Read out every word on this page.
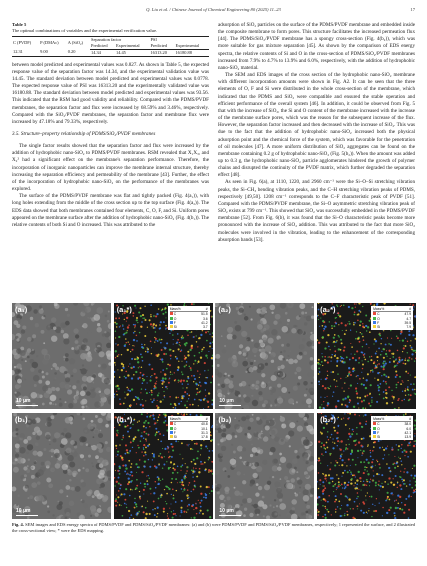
Q. Liu et al. / Chinese Journal of Chemical Engineering 80 (2025) 11–23	17
Table 5
The optimal combinations of variables and the experimental verification value.
C (PVDF)	P (DMAc)	A (SiO₂)	Separation factor		PSI	
			Predicted	Experimental	Predicted	Experimental
12.31	9.00	0.20	14.34	14.45	16313.20	16180.88

between model predicted and experimental values was 0.827. As shown in Table 5, the expected response value of the separation factor was 14.34, and the experimental validation value was 14.45. The standard deviation between model predicted and experimental values was 0.0778. The expected response value of PSI was 16313.20 and the experimentally validated value was 16180.88. The standard deviation between model predicted and experimental values was 93.56. This indicated that the RSM had good validity and reliability. Compared with the PDMS/PVDF membranes, the separation factor and flux were increased by 68.59% and 3.46%, respectively. Compared with the SiO₂/PVDF membranes, the separation factor and membrane flux were increased by 47.18% and 79.33%, respectively.

3.5. Structure–property relationship of PDMS/SiO₂/PVDF membranes

The single factor results showed that the separation factor and flux were increased by the addition of hydrophobic nano-SiO₂ to PDMS/PVDF membranes. RSM revealed that X₁X₃, and X₂² had a significant effect on the membrane's separation performance. Therefore, the incorporation of inorganic nanoparticles can improve the membrane internal structure, thereby increasing the separation efficiency and permeability of the membrane [43]. Further, the effect of the incorporation of hydrophobic nano-SiO₂ on the performance of the membranes was explored.

The surface of the PDMS/PVDF membrane was flat and tightly packed (Fig. 4(a₁)), with long holes extending from the middle of the cross section up to the top surface (Fig. 4(a₂)). The EDS data showed that both membranes contained four elements, C, O, F, and Si. Uniform pores appeared on the membrane surface after the addition of hydrophobic nano-SiO₂ (Fig. 4(b₁)). The relative contents of both Si and O increased. This was attributed to the

adsorption of SiO₂ particles on the surface of the PDMS/PVDF membrane and embedded inside the composite membrane to form pores. This structure facilitates the increased permeation flux [44]. The PDMS/SiO₂/PVDF membrane has a spongy cross-section (Fig. 4(b₂)), which was more suitable for gas mixture separation [45]. As shown by the comparison of EDS energy spectra, the relative contents of Si and O in the cross-section of PDMS/SiO₂/PVDF membranes increased from 7.9% to 4.7% to 13.9% and 6.0%, respectively, with the addition of hydrophobic nano-SiO₂ material.

The SEM and EDS images of the cross section of the hydrophobic nano-SiO₂ membrane with different incorporation amounts were shown in Fig. A2. It can be seen that the three elements of O, F and Si were distributed in the whole cross-section of the membrane, which indicated that the PDMS and SiO₂ were compatible and ensured the stable operation and efficient performance of the overall system [46]. In addition, it could be observed from Fig. 5 that with the increase of SiO₂, the Si and O content of the membrane increased with the increase of the membrane surface pores, which was the reason for the subsequent increase of the flux. However, the separation factor increased and then decreased with the increase of SiO₂. This was due to the fact that the addition of hydrophobic nano-SiO₂ increased both the physical adsorption point and the chemical force of the system, which was favorable for the penetration of oil molecules [47]. A more uniform distribution of SiO₂ aggregates can be found on the membrane containing 0.2 g of hydrophobic nano-SiO₂ (Fig. 5(b₂)). When the amount was added up to 0.3 g, the hydrophobic nano-SiO₂ particle agglomerates hindered the growth of polymer chains and disrupted the continuity of the PVDF matrix, which further degraded the separation effect [48].

As seen in Fig. 6(a), at 1110, 1220, and 2960 cm⁻¹ were the Si–O–Si stretching vibration peaks, the Si–CH₃ bending vibration peaks, and the C–H stretching vibration peaks of PDMS, respectively [49,50]. 1208 cm⁻¹ corresponds to the C–F characteristic peak of PVDF [51]. Compared with the PDMS/PVDF membrane, the Si–O asymmetric stretching vibration peak of SiO₂ exists at 799 cm⁻¹. This showed that SiO₂ was successfully embedded in the PDMS/PVDF membrane [52]. From Fig. 6(b), it was found that the Si–O characteristic peaks become more pronounced with the increase of SiO₂ addition. This was attributed to the fact that more SiO₂ molecules were involved in the vibration, leading to the enhancement of the corresponding absorption bands [53].

(a₁)
10 μm
(a₁*)	Mass%	#
C	51.5
O	3.6
F	41.2
Si	3.7
(a₂)
10 μm
(a₂*)	Mass%	#
C	47.9
O	4.7
F	39.5
Si	7.9
(b₁)
10 μm
(b₁*)	Mass%	#
C	40.8
O	10.1
F	31.3
Si	17.8
(b₂)
10 μm
(b₂*)	Mass%	#
C	38.0
O	6.0
F	42.1
Si	13.9
Fig. 4. SEM images and EDS energy spectra of PDMS/PVDF and PDMS/SiO₂/PVDF membranes: (a) and (b) were PDMS/PVDF and PDMS/SiO₂/PVDF membranes, respectively; 1 represented the surface, and 2 illustrated the cross-sectional view; * were the EDS mapping.
